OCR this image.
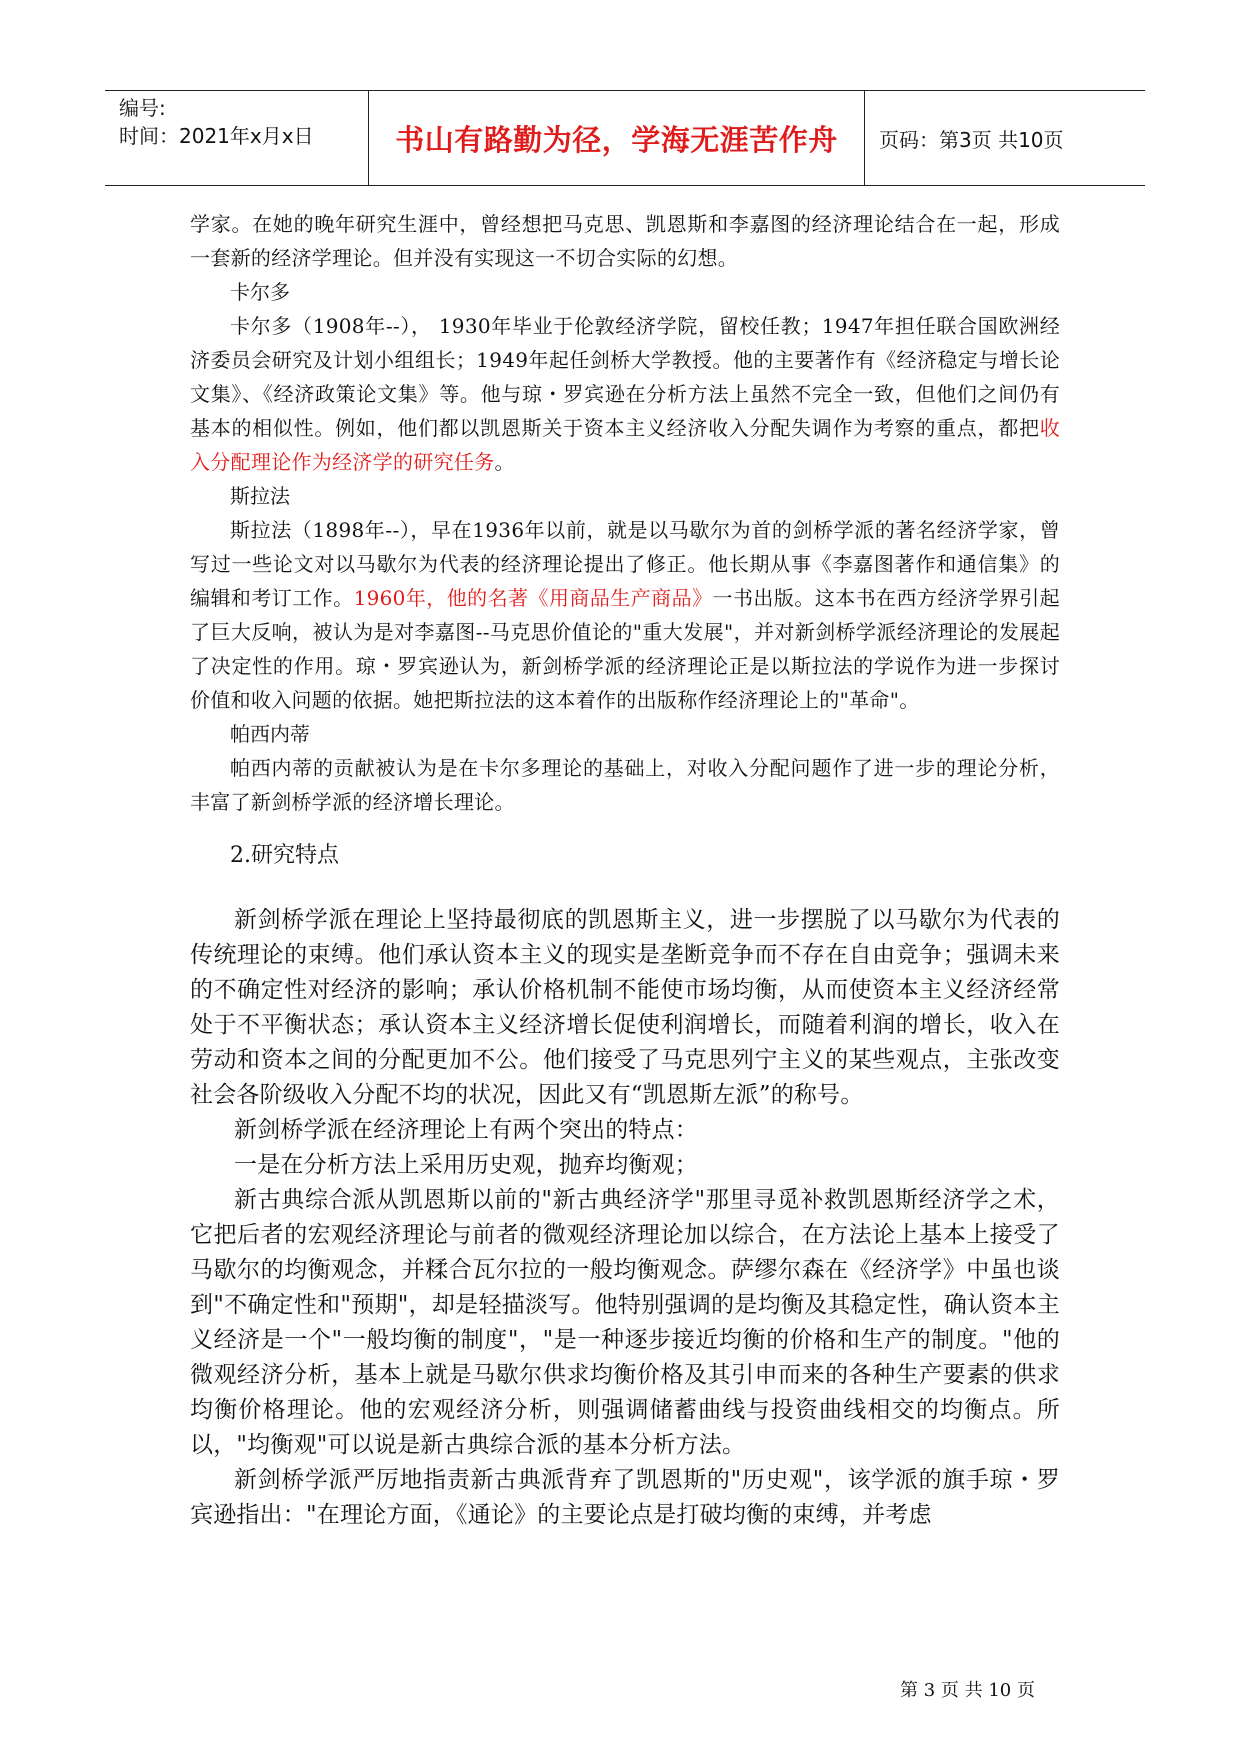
编号:
时间：2021年x月x日	书山有路勤为径，学海无涯苦作舟 页码：第3页 共10页

学家。在她的晚年研究生涯中，曾经想把马克思、凯恩斯和李嘉图的经济理论结合在一起，形成一套新的经济学理论。但并没有实现这一不切合实际的幻想。

卡尔多

卡尔多（1908年--）， 1930年毕业于伦敦经济学院，留校任教；1947年担任联合国欧洲经济委员会研究及计划小组组长；1949年起任剑桥大学教授。他的主要著作有《经济稳定与增长论文集》、《经济政策论文集》等。他与琼・罗宾逊在分析方法上虽然不完全一致，但他们之间仍有基本的相似性。例如，他们都以凯恩斯关于资本主义经济收入分配失调作为考察的重点，都把收入分配理论作为经济学的研究任务。

斯拉法

斯拉法（1898年--），早在1936年以前，就是以马歇尔为首的剑桥学派的著名经济学家，曾写过一些论文对以马歇尔为代表的经济理论提出了修正。他长期从事《李嘉图著作和通信集》的编辑和考订工作。1960年，他的名著《用商品生产商品》一书出版。这本书在西方经济学界引起了巨大反响，被认为是对李嘉图--马克思价值论的"重大发展"，并对新剑桥学派经济理论的发展起了决定性的作用。琼・罗宾逊认为，新剑桥学派的经济理论正是以斯拉法的学说作为进一步探讨价值和收入问题的依据。她把斯拉法的这本着作的出版称作经济理论上的"革命"。

帕西内蒂

帕西内蒂的贡献被认为是在卡尔多理论的基础上，对收入分配问题作了进一步的理论分析，丰富了新剑桥学派的经济增长理论。

2.研究特点

新剑桥学派在理论上坚持最彻底的凯恩斯主义，进一步摆脱了以马歇尔为代表的传统理论的束缚。他们承认资本主义的现实是垄断竞争而不存在自由竞争；强调未来的不确定性对经济的影响；承认价格机制不能使市场均衡，从而使资本主义经济经常处于不平衡状态；承认资本主义经济增长促使利润增长，而随着利润的增长，收入在劳动和资本之间的分配更加不公。他们接受了马克思列宁主义的某些观点，主张改变社会各阶级收入分配不均的状况，因此又有“凯恩斯左派”的称号。

新剑桥学派在经济理论上有两个突出的特点：

一是在分析方法上采用历史观，抛弃均衡观；

新古典综合派从凯恩斯以前的"新古典经济学"那里寻觅补救凯恩斯经济学之术，它把后者的宏观经济理论与前者的微观经济理论加以综合，在方法论上基本上接受了马歇尔的均衡观念，并糅合瓦尔拉的一般均衡观念。萨缪尔森在《经济学》中虽也谈到"不确定性和"预期"，却是轻描淡写。他特别强调的是均衡及其稳定性，确认资本主义经济是一个"一般均衡的制度"，"是一种逐步接近均衡的价格和生产的制度。"他的微观经济分析，基本上就是马歇尔供求均衡价格及其引申而来的各种生产要素的供求均衡价格理论。他的宏观经济分析，则强调储蓄曲线与投资曲线相交的均衡点。所以，"均衡观"可以说是新古典综合派的基本分析方法。

新剑桥学派严厉地指责新古典派背弃了凯恩斯的"历史观"，该学派的旗手琼・罗宾逊指出："在理论方面，《通论》的主要论点是打破均衡的束缚，并考虑

第 3 页 共 10 页
